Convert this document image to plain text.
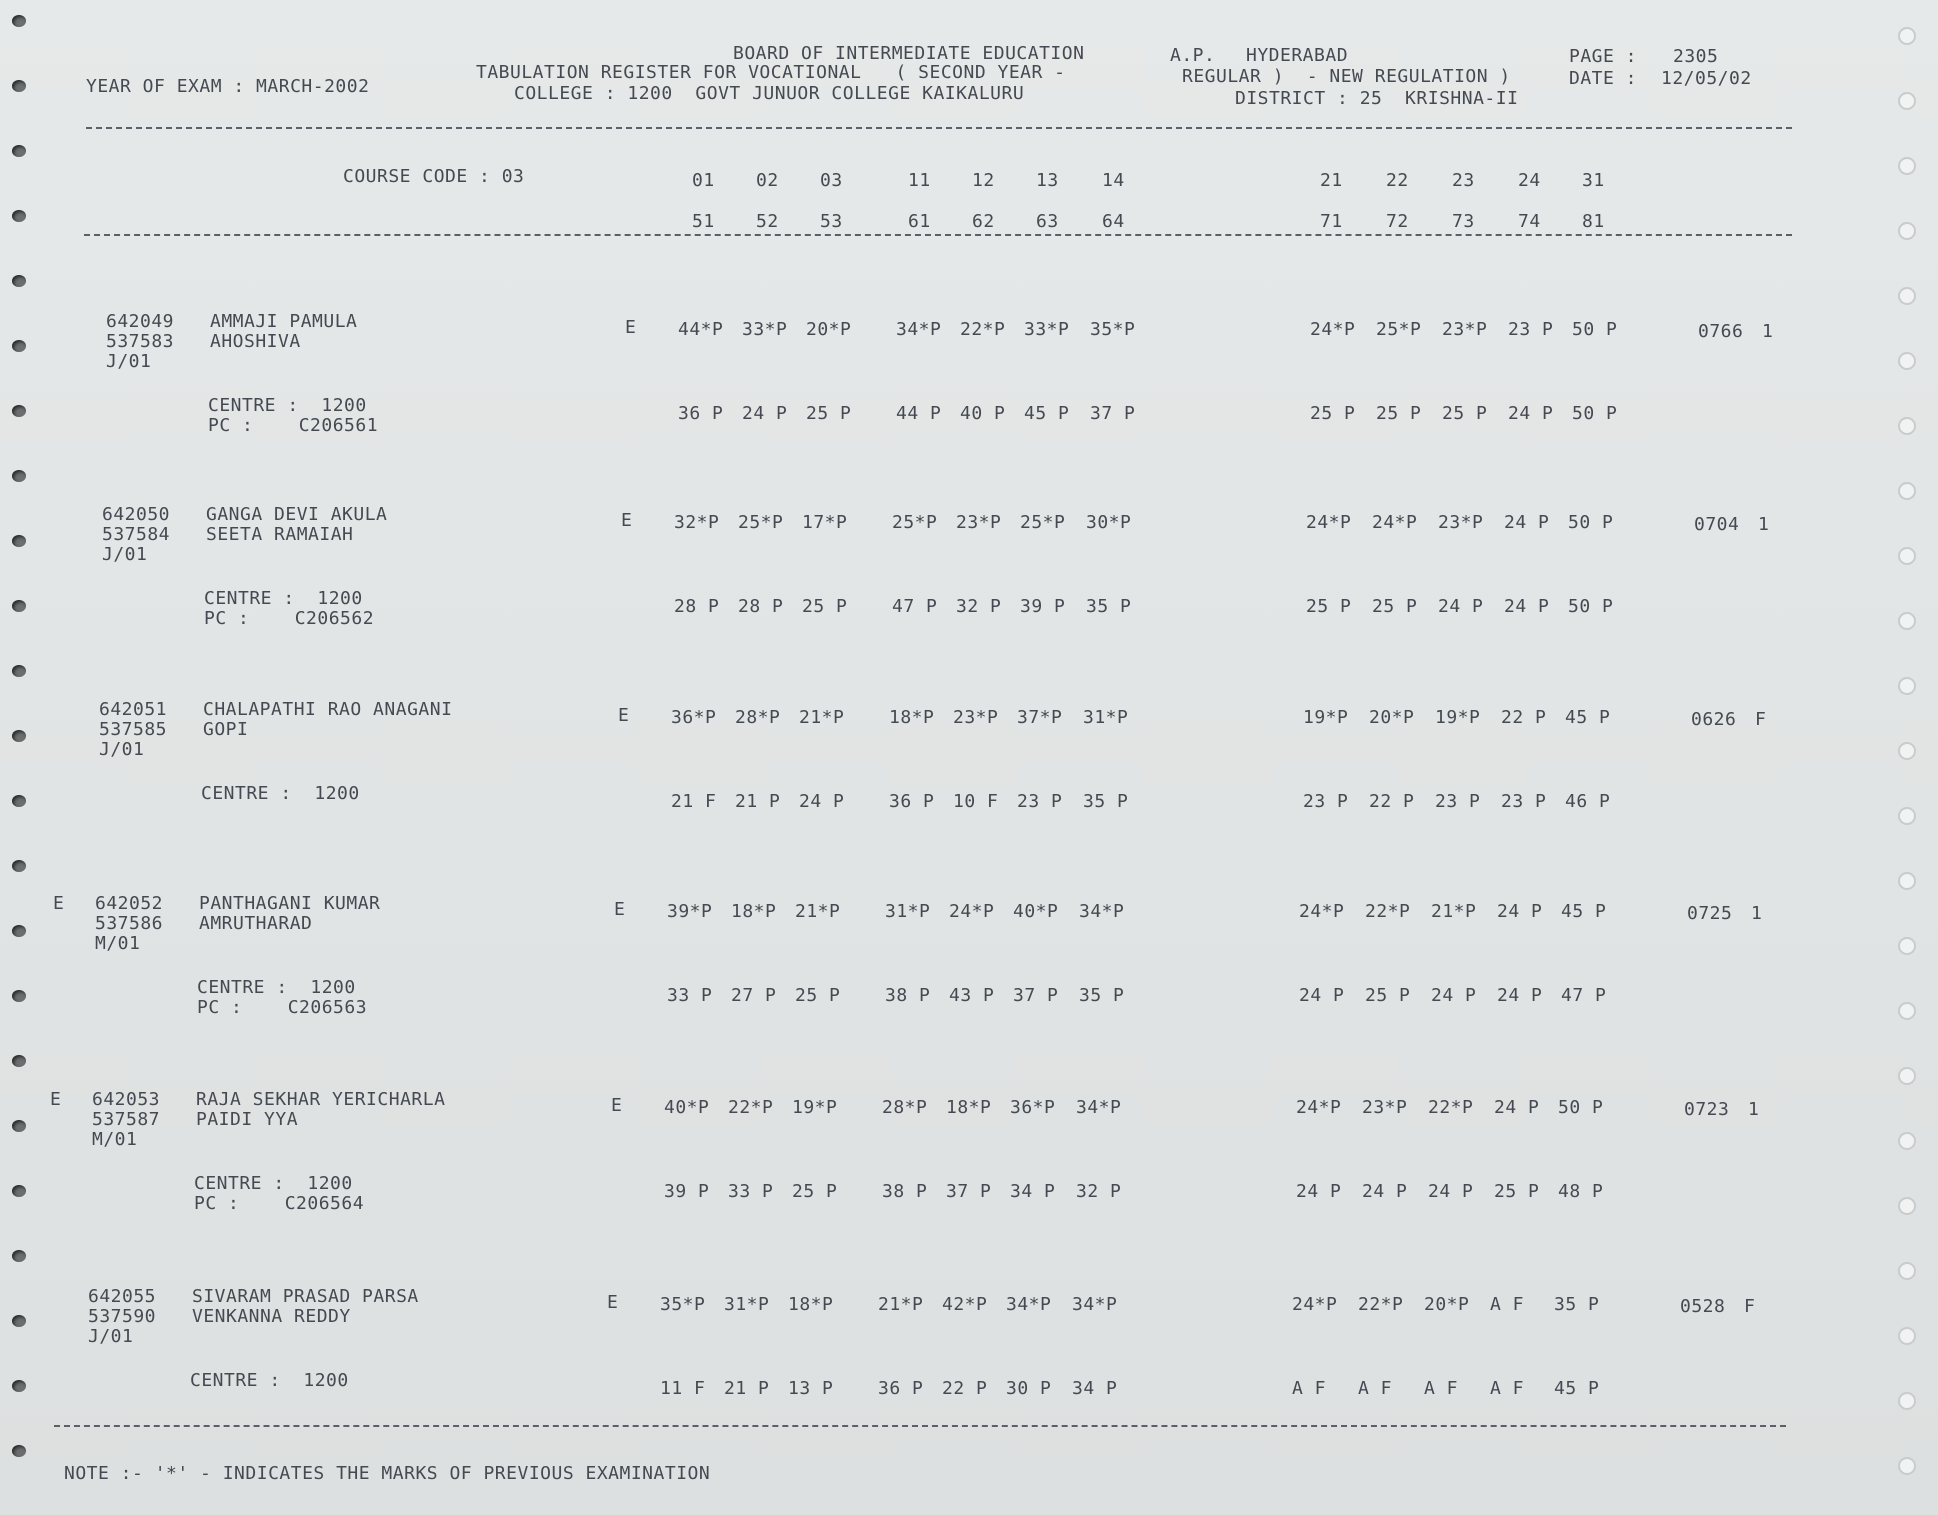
BOARD OF INTERMEDIATE EDUCATION	A.P. HYDERABAD	PAGE : 2305
YEAR OF EXAM : MARCH-2002
TABULATION REGISTER FOR VOCATIONAL   ( SECOND YEAR -	REGULAR )  - NEW REGULATION )	DATE : 12/05/02
COLLEGE : 1200  GOVT JUNUOR COLLEGE KAIKALURU	DISTRICT : 25  KRISHNA-II
COURSE CODE : 03	01 02 03	11 12 13 14	21 22 23 24 31
51 52 53	61 62 63 64	71 72 73 74 81
642049
537583
J/01
AMMAJI PAMULA
AHOSHIVA
E 44*P 33*P 20*P 34*P 22*P 33*P 35*P	24*P 25*P 23*P 23 P 50 P	0766 1
CENTRE :  1200
PC :    C206561
36 P 24 P 25 P 44 P 40 P 45 P 37 P	25 P 25 P 25 P 24 P 50 P
642050
537584
J/01
GANGA DEVI AKULA
SEETA RAMAIAH
E 32*P 25*P 17*P 25*P 23*P 25*P 30*P	24*P 24*P 23*P 24 P 50 P	0704 1
CENTRE :  1200
PC :    C206562
28 P 28 P 25 P 47 P 32 P 39 P 35 P	25 P 25 P 24 P 24 P 50 P
642051
537585
J/01
CHALAPATHI RAO ANAGANI
GOPI
E 36*P 28*P 21*P 18*P 23*P 37*P 31*P	19*P 20*P 19*P 22 P 45 P	0626 F
CENTRE :  1200	21 F 21 P 24 P 36 P 10 F 23 P 35 P	23 P 22 P 23 P 23 P 46 P
E 642052
537586
M/01
PANTHAGANI KUMAR
AMRUTHARAD
E 39*P 18*P 21*P 31*P 24*P 40*P 34*P	24*P 22*P 21*P 24 P 45 P	0725 1
CENTRE :  1200
PC :    C206563
33 P 27 P 25 P 38 P 43 P 37 P 35 P	24 P 25 P 24 P 24 P 47 P
E 642053
537587
M/01
RAJA SEKHAR YERICHARLA
PAIDI YYA
E 40*P 22*P 19*P 28*P 18*P 36*P 34*P	24*P 23*P 22*P 24 P 50 P	0723 1
CENTRE :  1200
PC :    C206564
39 P 33 P 25 P 38 P 37 P 34 P 32 P	24 P 24 P 24 P 25 P 48 P
642055
537590
J/01
SIVARAM PRASAD PARSA
VENKANNA REDDY
E 35*P 31*P 18*P 21*P 42*P 34*P 34*P	24*P 22*P 20*P A F 35 P	0528 F
CENTRE :  1200	11 F 21 P 13 P 36 P 22 P 30 P 34 P	A F A F A F A F 45 P
NOTE :- '*' - INDICATES THE MARKS OF PREVIOUS EXAMINATION
